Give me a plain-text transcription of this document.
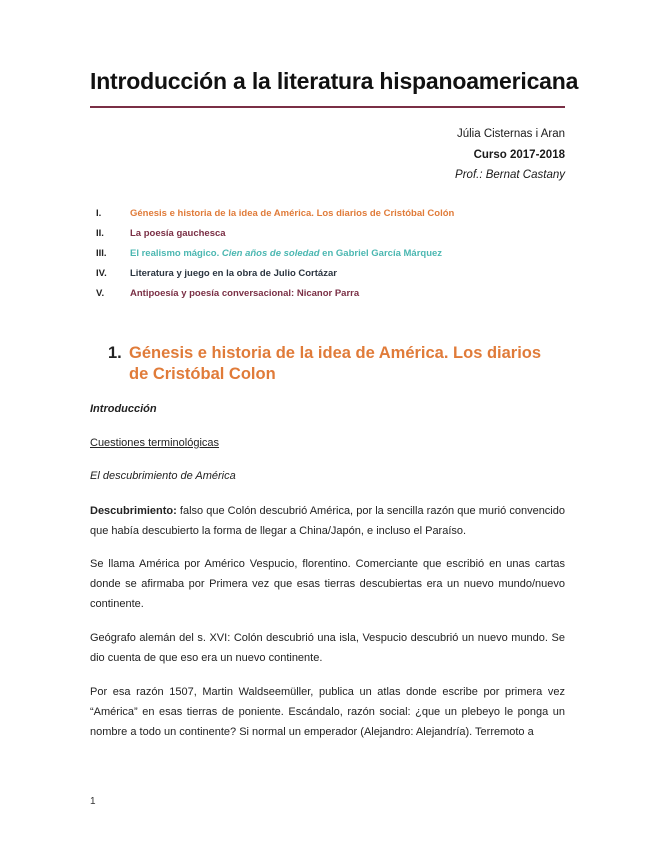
Introducción a la literatura hispanoamericana
Júlia Cisternas i Aran
Curso 2017-2018
Prof.: Bernat Castany
I.	Génesis e historia de la idea de América. Los diarios de Cristóbal Colón
II.	La poesía gauchesca
III.	El realismo mágico. Cien años de soledad en Gabriel García Márquez
IV.	Literatura y juego en la obra de Julio Cortázar
V.	Antipoesía y poesía conversacional: Nicanor Parra
1. Génesis e historia de la idea de América. Los diarios de Cristóbal Colon
Introducción
Cuestiones terminológicas
El descubrimiento de América
Descubrimiento: falso que Colón descubrió América, por la sencilla razón que murió convencido que había descubierto la forma de llegar a China/Japón, e incluso el Paraíso.
Se llama América por Américo Vespucio, florentino. Comerciante que escribió en unas cartas donde se afirmaba por Primera vez que esas tierras descubiertas era un nuevo mundo/nuevo continente.
Geógrafo alemán del s. XVI: Colón descubrió una isla, Vespucio descubrió un nuevo mundo. Se dio cuenta de que eso era un nuevo continente.
Por esa razón 1507, Martin Waldseemüller, publica un atlas donde escribe por primera vez “América” en esas tierras de poniente. Escándalo, razón social: ¿que un plebeyo le ponga un nombre a todo un continente? Si normal un emperador (Alejandro: Alejandría). Terremoto a
1
